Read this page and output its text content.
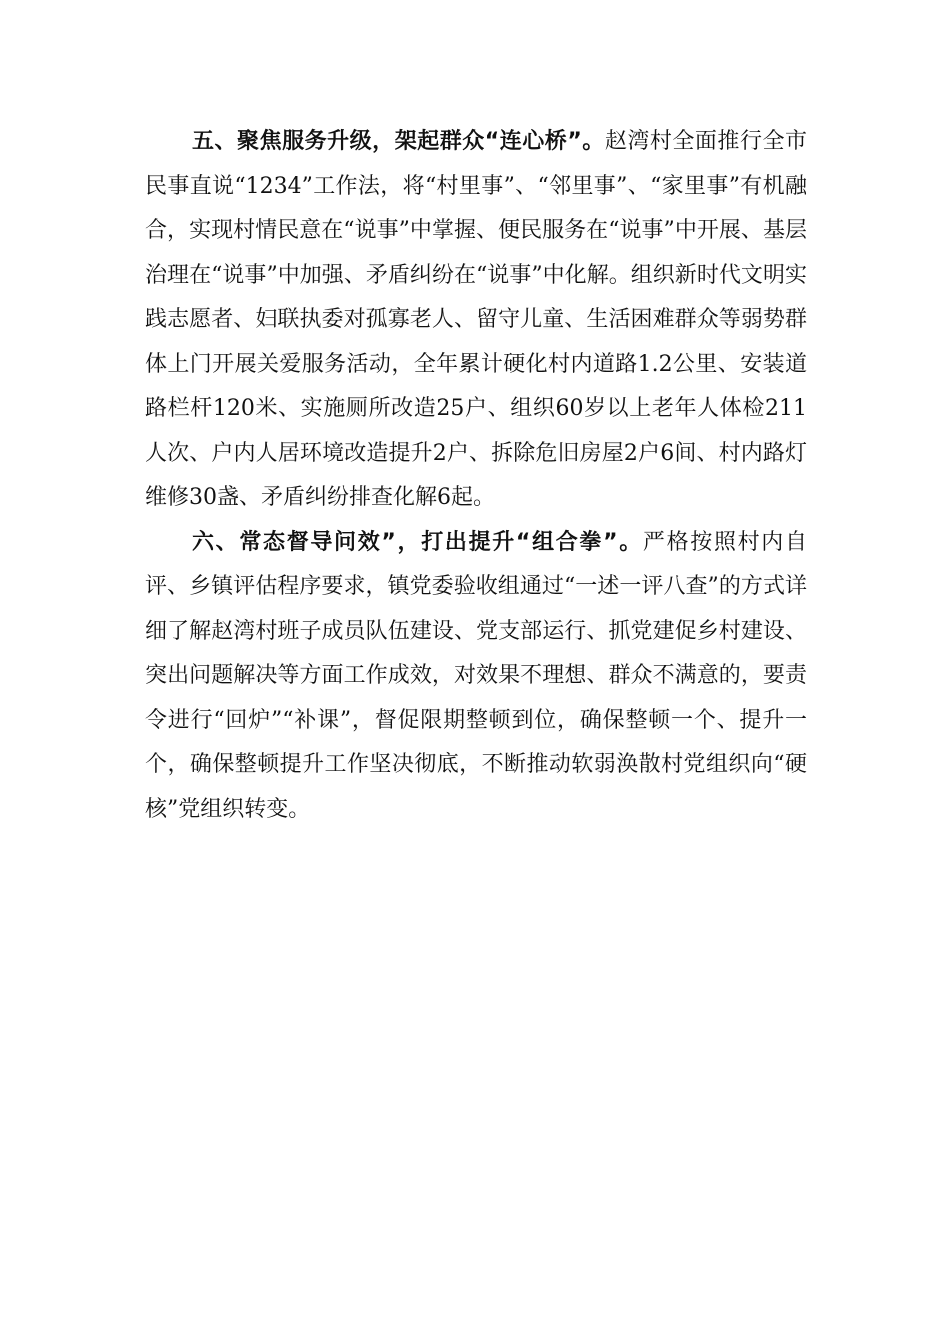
五、聚焦服务升级，架起群众“连心桥”。赵湾村全面推行全市民事直说“1234”工作法，将“村里事”、“邻里事”、“家里事”有机融合，实现村情民意在“说事”中掌握、便民服务在“说事”中开展、基层治理在“说事”中加强、矛盾纠纷在“说事”中化解。组织新时代文明实践志愿者、妇联执委对孤寡老人、留守儿童、生活困难群众等弱势群体上门开展关爱服务活动，全年累计硬化村内道路1.2公里、安装道路栏杆120米、实施厕所改造25户、组织60岁以上老年人体检211人次、户内人居环境改造提升2户、拆除危旧房屋2户6间、村内路灯维修30盏、矛盾纠纷排查化解6起。

六、常态督导问效”，打出提升“组合拳”。严格按照村内自评、乡镇评估程序要求，镇党委验收组通过“一述一评八查”的方式详细了解赵湾村班子成员队伍建设、党支部运行、抓党建促乡村建设、突出问题解决等方面工作成效，对效果不理想、群众不满意的，要责令进行“回炉”“补课”，督促限期整顿到位，确保整顿一个、提升一个，确保整顿提升工作坚决彻底，不断推动软弱涣散村党组织向“硬核”党组织转变。
